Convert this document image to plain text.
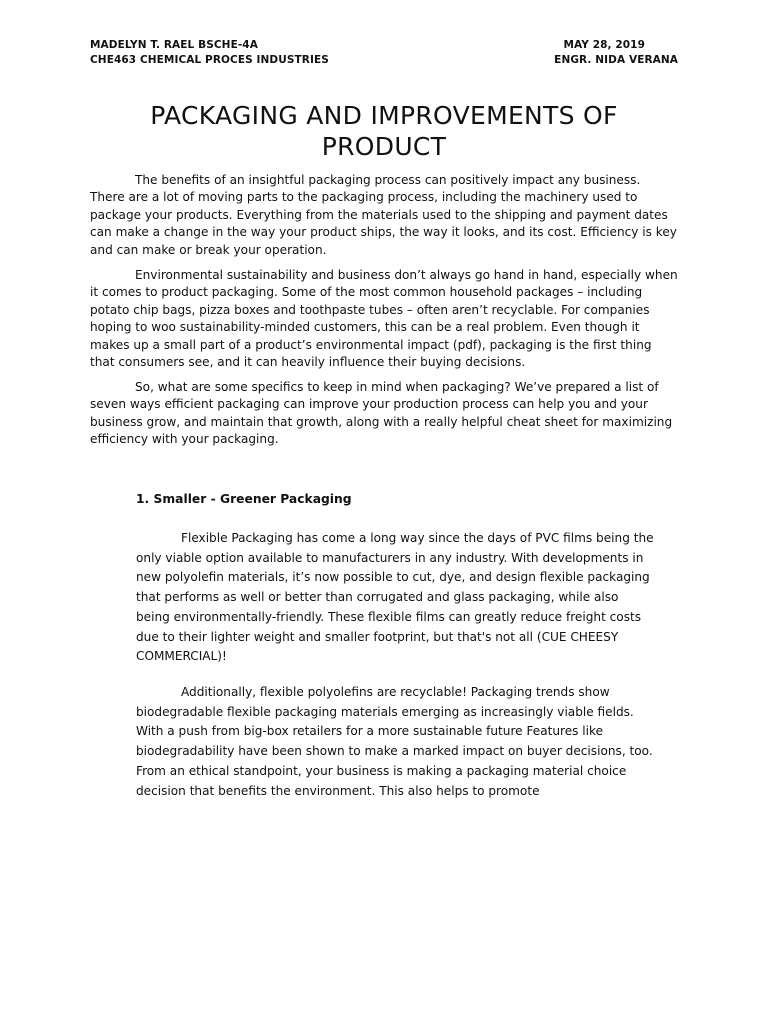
MADELYN T. RAEL BSCHE-4A	MAY 28, 2019
CHE463 CHEMICAL PROCES INDUSTRIES	ENGR. NIDA VERANA
PACKAGING AND IMPROVEMENTS OF PRODUCT

The benefits of an insightful packaging process can positively impact any business. There are a lot of moving parts to the packaging process, including the machinery used to package your products. Everything from the materials used to the shipping and payment dates can make a change in the way your product ships, the way it looks, and its cost. Efficiency is key and can make or break your operation.

Environmental sustainability and business don’t always go hand in hand, especially when it comes to product packaging. Some of the most common household packages – including potato chip bags, pizza boxes and toothpaste tubes – often aren’t recyclable. For companies hoping to woo sustainability-minded customers, this can be a real problem. Even though it makes up a small part of a product’s environmental impact (pdf), packaging is the first thing that consumers see, and it can heavily influence their buying decisions.

So, what are some specifics to keep in mind when packaging? We’ve prepared a list of seven ways efficient packaging can improve your production process can help you and your business grow, and maintain that growth, along with a really helpful cheat sheet for maximizing efficiency with your packaging.

1. Smaller - Greener Packaging

Flexible Packaging has come a long way since the days of PVC films being the only viable option available to manufacturers in any industry. With developments in new polyolefin materials, it’s now possible to cut, dye, and design flexible packaging that performs as well or better than corrugated and glass packaging, while also being environmentally-friendly. These flexible films can greatly reduce freight costs due to their lighter weight and smaller footprint, but that's not all (CUE CHEESY COMMERCIAL)!

Additionally, flexible polyolefins are recyclable! Packaging trends show biodegradable flexible packaging materials emerging as increasingly viable fields. With a push from big-box retailers for a more sustainable future Features like biodegradability have been shown to make a marked impact on buyer decisions, too. From an ethical standpoint, your business is making a packaging material choice decision that benefits the environment. This also helps to promote
